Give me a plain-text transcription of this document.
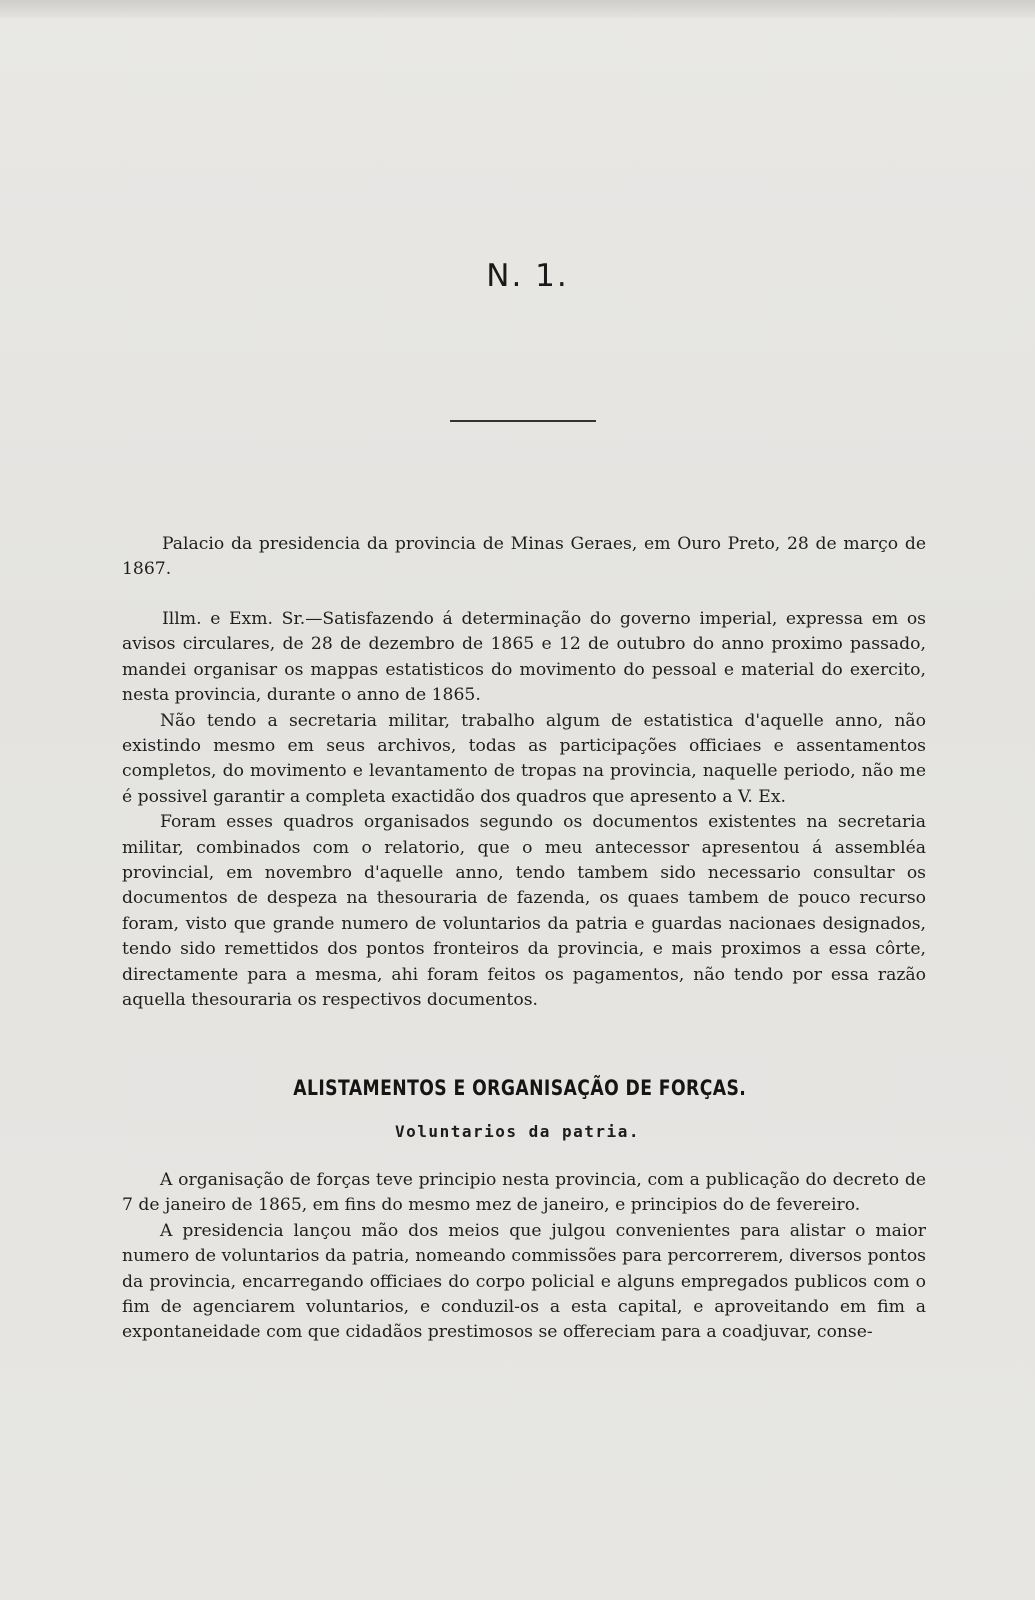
N. 1.

Palacio da presidencia da provincia de Minas Geraes, em Ouro Preto, 28 de março de 1867.

Illm. e Exm. Sr.—Satisfazendo á determinação do governo imperial, expressa em os avisos circulares, de 28 de dezembro de 1865 e 12 de outubro do anno proximo passado, mandei organisar os mappas estatisticos do movimento do pessoal e material do exercito, nesta provincia, durante o anno de 1865.

Não tendo a secretaria militar, trabalho algum de estatistica d'aquelle anno, não existindo mesmo em seus archivos, todas as participações officiaes e assentamentos completos, do movimento e levantamento de tropas na provincia, naquelle periodo, não me é possivel garantir a completa exactidão dos quadros que apresento a V. Ex.

Foram esses quadros organisados segundo os documentos existentes na secretaria militar, combinados com o relatorio, que o meu antecessor apresentou á assembléa provincial, em novembro d'aquelle anno, tendo tambem sido necessario consultar os documentos de despeza na thesouraria de fazenda, os quaes tambem de pouco recurso foram, visto que grande numero de voluntarios da patria e guardas nacionaes designados, tendo sido remettidos dos pontos fronteiros da provincia, e mais proximos a essa côrte, directamente para a mesma, ahi foram feitos os pagamentos, não tendo por essa razão aquella thesouraria os respectivos documentos.

ALISTAMENTOS E ORGANISAÇÃO DE FORÇAS.
Voluntarios da patria.

A organisação de forças teve principio nesta provincia, com a publicação do decreto de 7 de janeiro de 1865, em fins do mesmo mez de janeiro, e principios do de fevereiro.

A presidencia lançou mão dos meios que julgou convenientes para alistar o maior numero de voluntarios da patria, nomeando commissões para percorrerem, diversos pontos da provincia, encarregando officiaes do corpo policial e alguns empregados publicos com o fim de agenciarem voluntarios, e conduzil-os a esta capital, e aproveitando em fim a expontaneidade com que cidadãos prestimosos se offereciam para a coadjuvar, conse-
